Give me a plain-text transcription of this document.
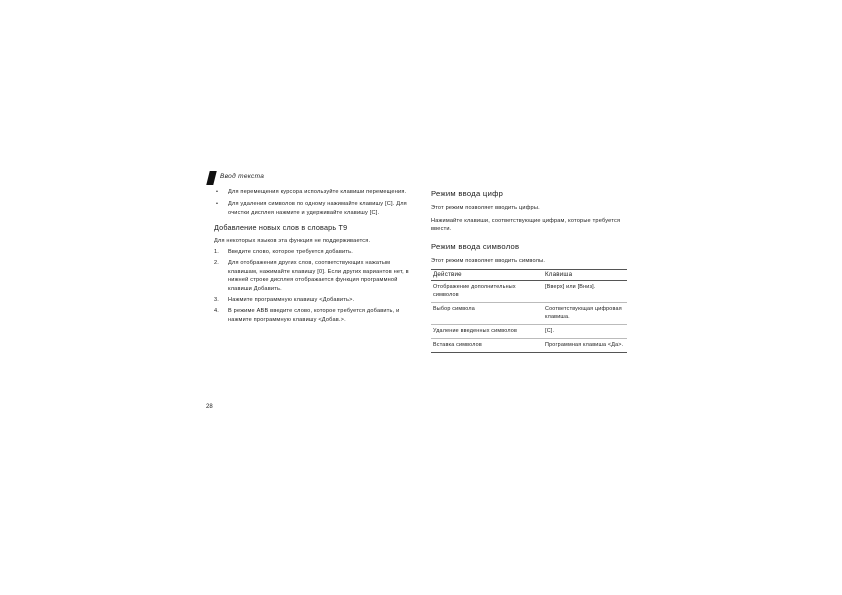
Ввод текста
• Для перемещения курсора используйте клавиши перемещения.
• Для удаления символов по одному нажимайте клавишу [C]. Для очистки дисплея нажмите и удерживайте клавишу [C].
Добавление новых слов в словарь Т9
Для некоторых языков эта функция не поддерживается.
1. Введите слово, которое требуется добавить.
2. Для отображения других слов, соответствующих нажатым клавишам, нажимайте клавишу [0]. Если других вариантов нет, в нижней строке дисплея отображается функция программной клавиши Добавить.
3. Нажмите программную клавишу <Добавить>.
4. В режиме ABB введите слово, которое требуется добавить, и нажмите программную клавишу <Добав.>.
Режим ввода цифр
Этот режим позволяет вводить цифры.
Нажимайте клавиши, соответствующие цифрам, которые требуется ввести.
Режим ввода символов
Этот режим позволяет вводить символы.
Действие	Клавиша
Отображение дополнительных символов	[Вверх] или [Вниз].
Выбор символа	Соответствующая цифровая клавиша.
Удаление введенных символов	[C].
Вставка символов	Программная клавиша <Да>.
28
